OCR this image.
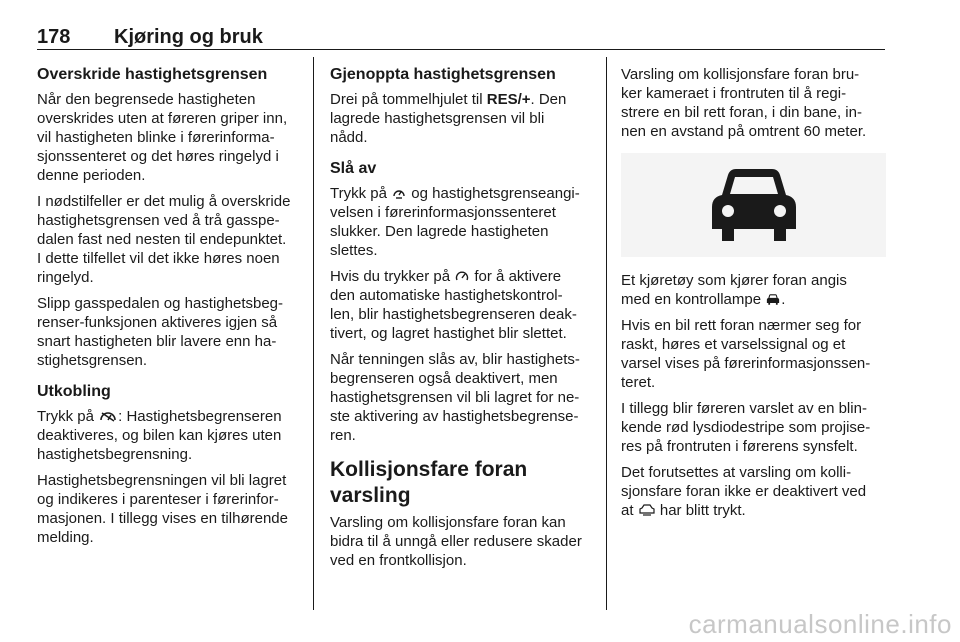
178 Kjøring og bruk
Overskride hastighetsgrensen

Når den begrensede hastigheten
overskrides uten at føreren griper inn,
vil hastigheten blinke i førerinforma-
sjonssenteret og det høres ringelyd i
denne perioden.

I nødstilfeller er det mulig å overskride
hastighetsgrensen ved å trå gasspe-
dalen fast ned nesten til endepunktet.
I dette tilfellet vil det ikke høres noen
ringelyd.

Slipp gasspedalen og hastighetsbeg-
renser-funksjonen aktiveres igjen så
snart hastigheten blir lavere enn ha-
stighetsgrensen.

Utkobling

Trykk på : Hastighetsbegrenseren
deaktiveres, og bilen kan kjøres uten
hastighetsbegrensning.

Hastighetsbegrensningen vil bli lagret
og indikeres i parenteser i førerinfor-
masjonen. I tillegg vises en tilhørende
melding.

Gjenoppta hastighetsgrensen

Drei på tommelhjulet til RES/+. Den
lagrede hastighetsgrensen vil bli
nådd.

Slå av

Trykk på  og hastighetsgrenseangi-
velsen i førerinformasjonssenteret
slukker. Den lagrede hastigheten
slettes.

Hvis du trykker på  for å aktivere
den automatiske hastighetskontrol-
len, blir hastighetsbegrenseren deak-
tivert, og lagret hastighet blir slettet.

Når tenningen slås av, blir hastighets-
begrenseren også deaktivert, men
hastighetsgrensen vil bli lagret for ne-
ste aktivering av hastighetsbegrense-
ren.

Kollisjonsfare foran varsling

Varsling om kollisjonsfare foran kan
bidra til å unngå eller redusere skader
ved en frontkollisjon.

Varsling om kollisjonsfare foran bru-
ker kameraet i frontruten til å regi-
strere en bil rett foran, i din bane, in-
nen en avstand på omtrent 60 meter.

Et kjøretøy som kjører foran angis
med en kontrollampe .

Hvis en bil rett foran nærmer seg for
raskt, høres et varselssignal og et
varsel vises på førerinformasjonssen-
teret.

I tillegg blir føreren varslet av en blin-
kende rød lysdiodestripe som projise-
res på frontruten i førerens synsfelt.

Det forutsettes at varsling om kolli-
sjonsfare foran ikke er deaktivert ved
at  har blitt trykt.

carmanualsonline.info
